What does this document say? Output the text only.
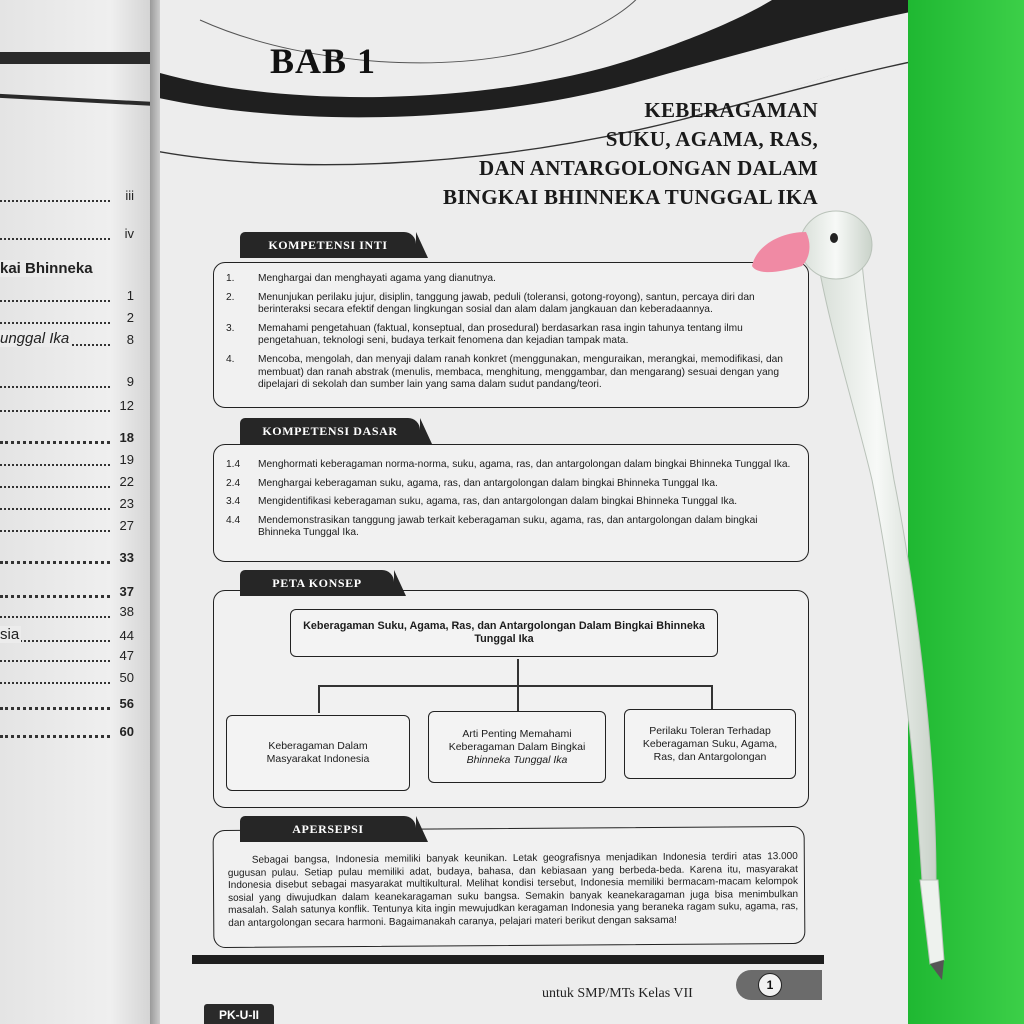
iii
iv
kai Bhinneka
1
2
unggal Ika	8
9
12
18
19
22
23
27
33
37
38
sia	44
47
50
56
60
BAB 1
KEBERAGAMAN
SUKU, AGAMA, RAS,
DAN ANTARGOLONGAN DALAM
BINGKAI BHINNEKA TUNGGAL IKA
1. Menghargai dan menghayati agama yang dianutnya.
2. Menunjukan perilaku jujur, disiplin, tanggung jawab, peduli (toleransi, gotong-royong), santun, percaya diri dan berinteraksi secara efektif dengan lingkungan sosial dan alam dalam jangkauan dan keberadaannya.
3. Memahami pengetahuan (faktual, konseptual, dan prosedural) berdasarkan rasa ingin tahunya tentang ilmu pengetahuan, teknologi seni, budaya terkait fenomena dan kejadian tampak mata.
4. Mencoba, mengolah, dan menyaji dalam ranah konkret (menggunakan, menguraikan, merangkai, memodifikasi, dan membuat) dan ranah abstrak (menulis, membaca, menghitung, menggambar, dan mengarang) sesuai dengan yang dipelajari di sekolah dan sumber lain yang sama dalam sudut pandang/teori.
KOMPETENSI INTI
1.4 Menghormati keberagaman norma-norma, suku, agama, ras, dan antargolongan dalam bingkai Bhinneka Tunggal Ika.
2.4 Menghargai keberagaman suku, agama, ras, dan antargolongan dalam bingkai Bhinneka Tunggal Ika.
3.4 Mengidentifikasi keberagaman suku, agama, ras, dan antargolongan dalam bingkai Bhinneka Tunggal Ika.
4.4 Mendemonstrasikan tanggung jawab terkait keberagaman suku, agama, ras, dan antargolongan dalam bingkai Bhinneka Tunggal Ika.
KOMPETENSI DASAR
Keberagaman Suku, Agama, Ras, dan Antargolongan Dalam Bingkai Bhinneka Tunggal Ika
Keberagaman Dalam Masyarakat Indonesia
Arti Penting Memahami Keberagaman Dalam Bingkai
Bhinneka Tunggal Ika
Perilaku Toleran Terhadap Keberagaman Suku, Agama, Ras, dan Antargolongan
PETA KONSEP
Sebagai bangsa, Indonesia memiliki banyak keunikan. Letak geografisnya menjadikan Indonesia terdiri atas 13.000 gugusan pulau. Setiap pulau memiliki adat, budaya, bahasa, dan kebiasaan yang berbeda-beda. Karena itu, masyarakat Indonesia disebut sebagai masyarakat multikultural. Melihat kondisi tersebut, Indonesia memiliki bermacam-macam kelompok sosial yang diwujudkan dalam keanekaragaman suku bangsa. Semakin banyak keanekaragaman juga bisa menimbulkan masalah. Salah satunya konflik. Tentunya kita ingin mewujudkan keragaman Indonesia yang beraneka ragam suku, agama, ras, dan antargolongan secara harmoni. Bagaimanakah caranya, pelajari materi berikut dengan saksama!
APERSEPSI
1
untuk SMP/MTs Kelas VII
PK-U-II
